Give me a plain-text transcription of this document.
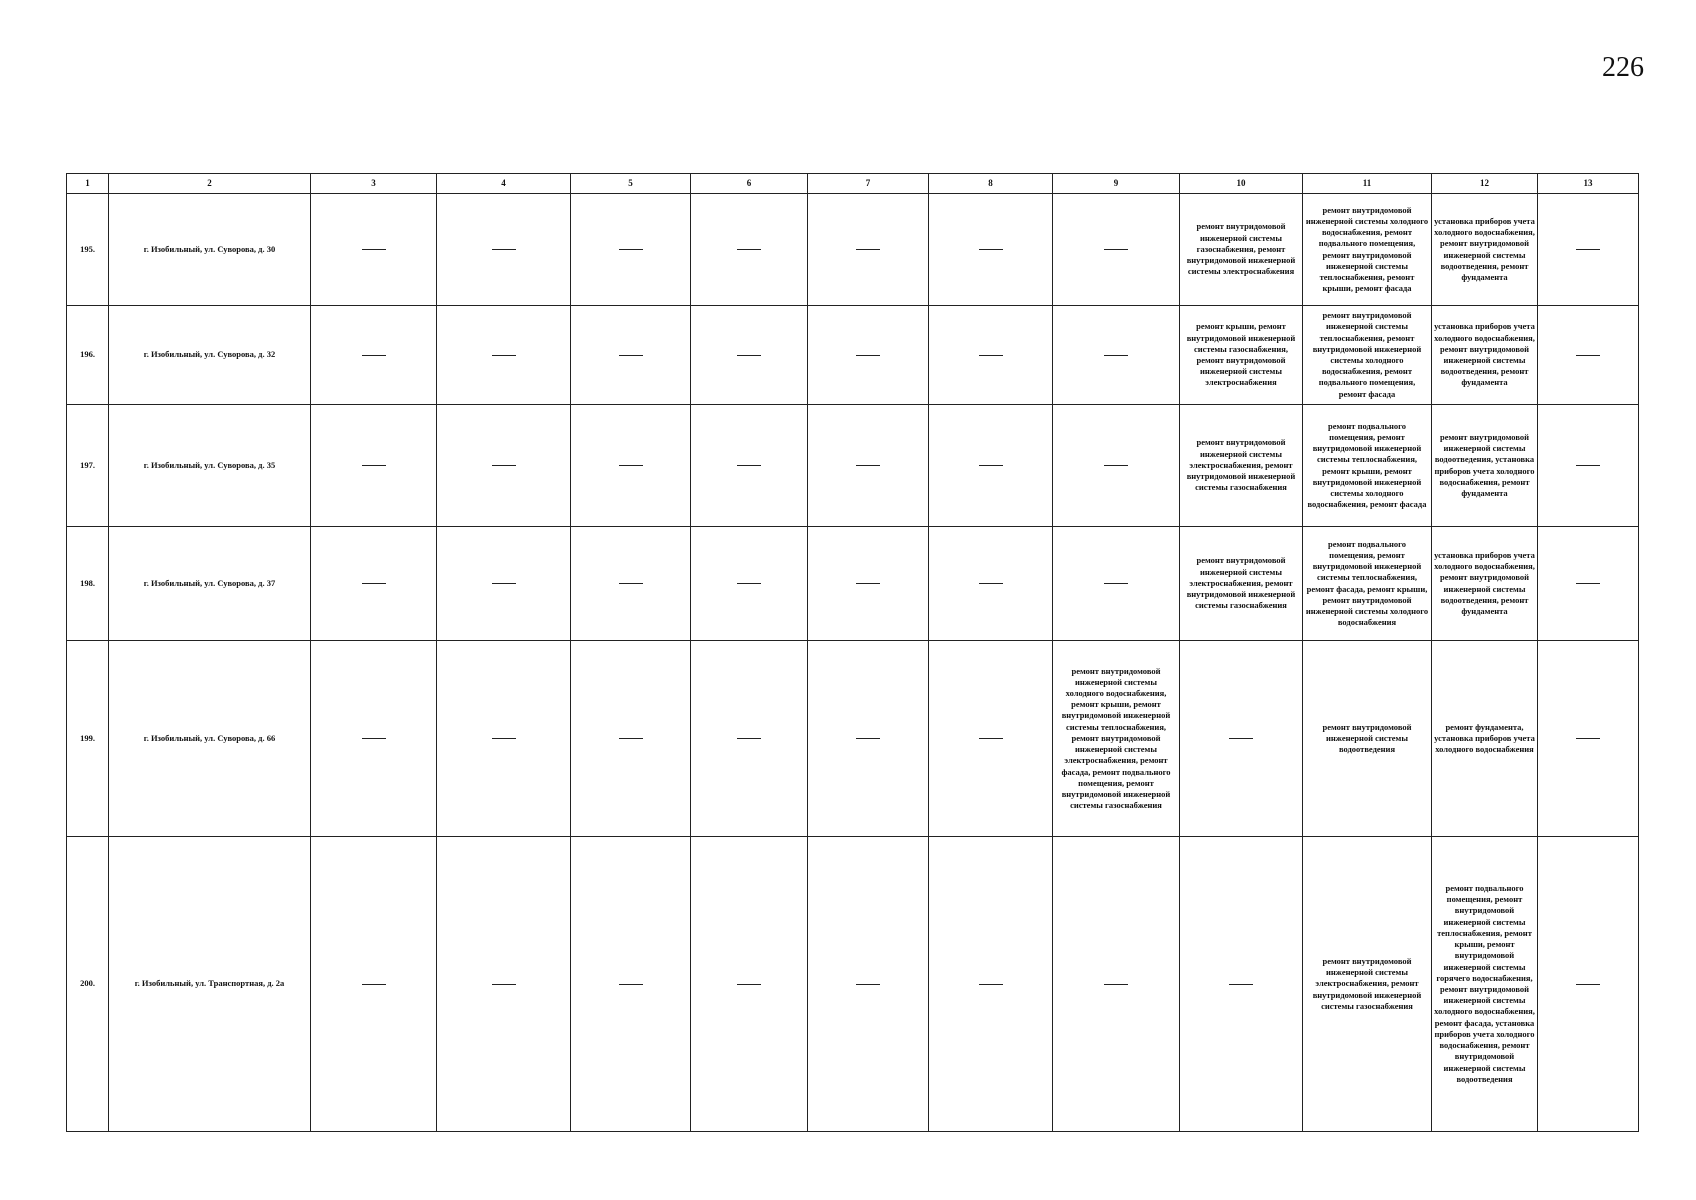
226
1	2	3	4	5	6	7	8	9	10	11	12	13
195.	г. Изобильный, ул. Суворова, д. 30								ремонт внутридомовой инженерной системы газоснабжения, ремонт внутридомовой инженерной системы электроснабжения	ремонт внутридомовой инженерной системы холодного водоснабжения, ремонт подвального помещения, ремонт внутридомовой инженерной системы теплоснабжения, ремонт крыши, ремонт фасада	установка приборов учета холодного водоснабжения, ремонт внутридомовой инженерной системы водоотведения, ремонт фундамента	
196.	г. Изобильный, ул. Суворова, д. 32								ремонт крыши, ремонт внутридомовой инженерной системы газоснабжения, ремонт внутридомовой инженерной системы электроснабжения	ремонт внутридомовой инженерной системы теплоснабжения, ремонт внутридомовой инженерной системы холодного водоснабжения, ремонт подвального помещения, ремонт фасада	установка приборов учета холодного водоснабжения, ремонт внутридомовой инженерной системы водоотведения, ремонт фундамента	
197.	г. Изобильный, ул. Суворова, д. 35								ремонт внутридомовой инженерной системы электроснабжения, ремонт внутридомовой инженерной системы газоснабжения	ремонт подвального помещения, ремонт внутридомовой инженерной системы теплоснабжения, ремонт крыши, ремонт внутридомовой инженерной системы холодного водоснабжения, ремонт фасада	ремонт внутридомовой инженерной системы водоотведения, установка приборов учета холодного водоснабжения, ремонт фундамента	
198.	г. Изобильный, ул. Суворова, д. 37								ремонт внутридомовой инженерной системы электроснабжения, ремонт внутридомовой инженерной системы газоснабжения	ремонт подвального помещения, ремонт внутридомовой инженерной системы теплоснабжения, ремонт фасада, ремонт крыши, ремонт внутридомовой инженерной системы холодного водоснабжения	установка приборов учета холодного водоснабжения, ремонт внутридомовой инженерной системы водоотведения, ремонт фундамента	
199.	г. Изобильный, ул. Суворова, д. 66							ремонт внутридомовой инженерной системы холодного водоснабжения, ремонт крыши, ремонт внутридомовой инженерной системы теплоснабжения, ремонт внутридомовой инженерной системы электроснабжения, ремонт фасада, ремонт подвального помещения, ремонт внутридомовой инженерной системы газоснабжения		ремонт внутридомовой инженерной системы водоотведения	ремонт фундамента, установка приборов учета холодного водоснабжения	
200.	г. Изобильный, ул. Транспортная, д. 2а									ремонт внутридомовой инженерной системы электроснабжения, ремонт внутридомовой инженерной системы газоснабжения	ремонт подвального помещения, ремонт внутридомовой инженерной системы теплоснабжения, ремонт крыши, ремонт внутридомовой инженерной системы горячего водоснабжения, ремонт внутридомовой инженерной системы холодного водоснабжения, ремонт фасада, установка приборов учета холодного водоснабжения, ремонт внутридомовой инженерной системы водоотведения	
